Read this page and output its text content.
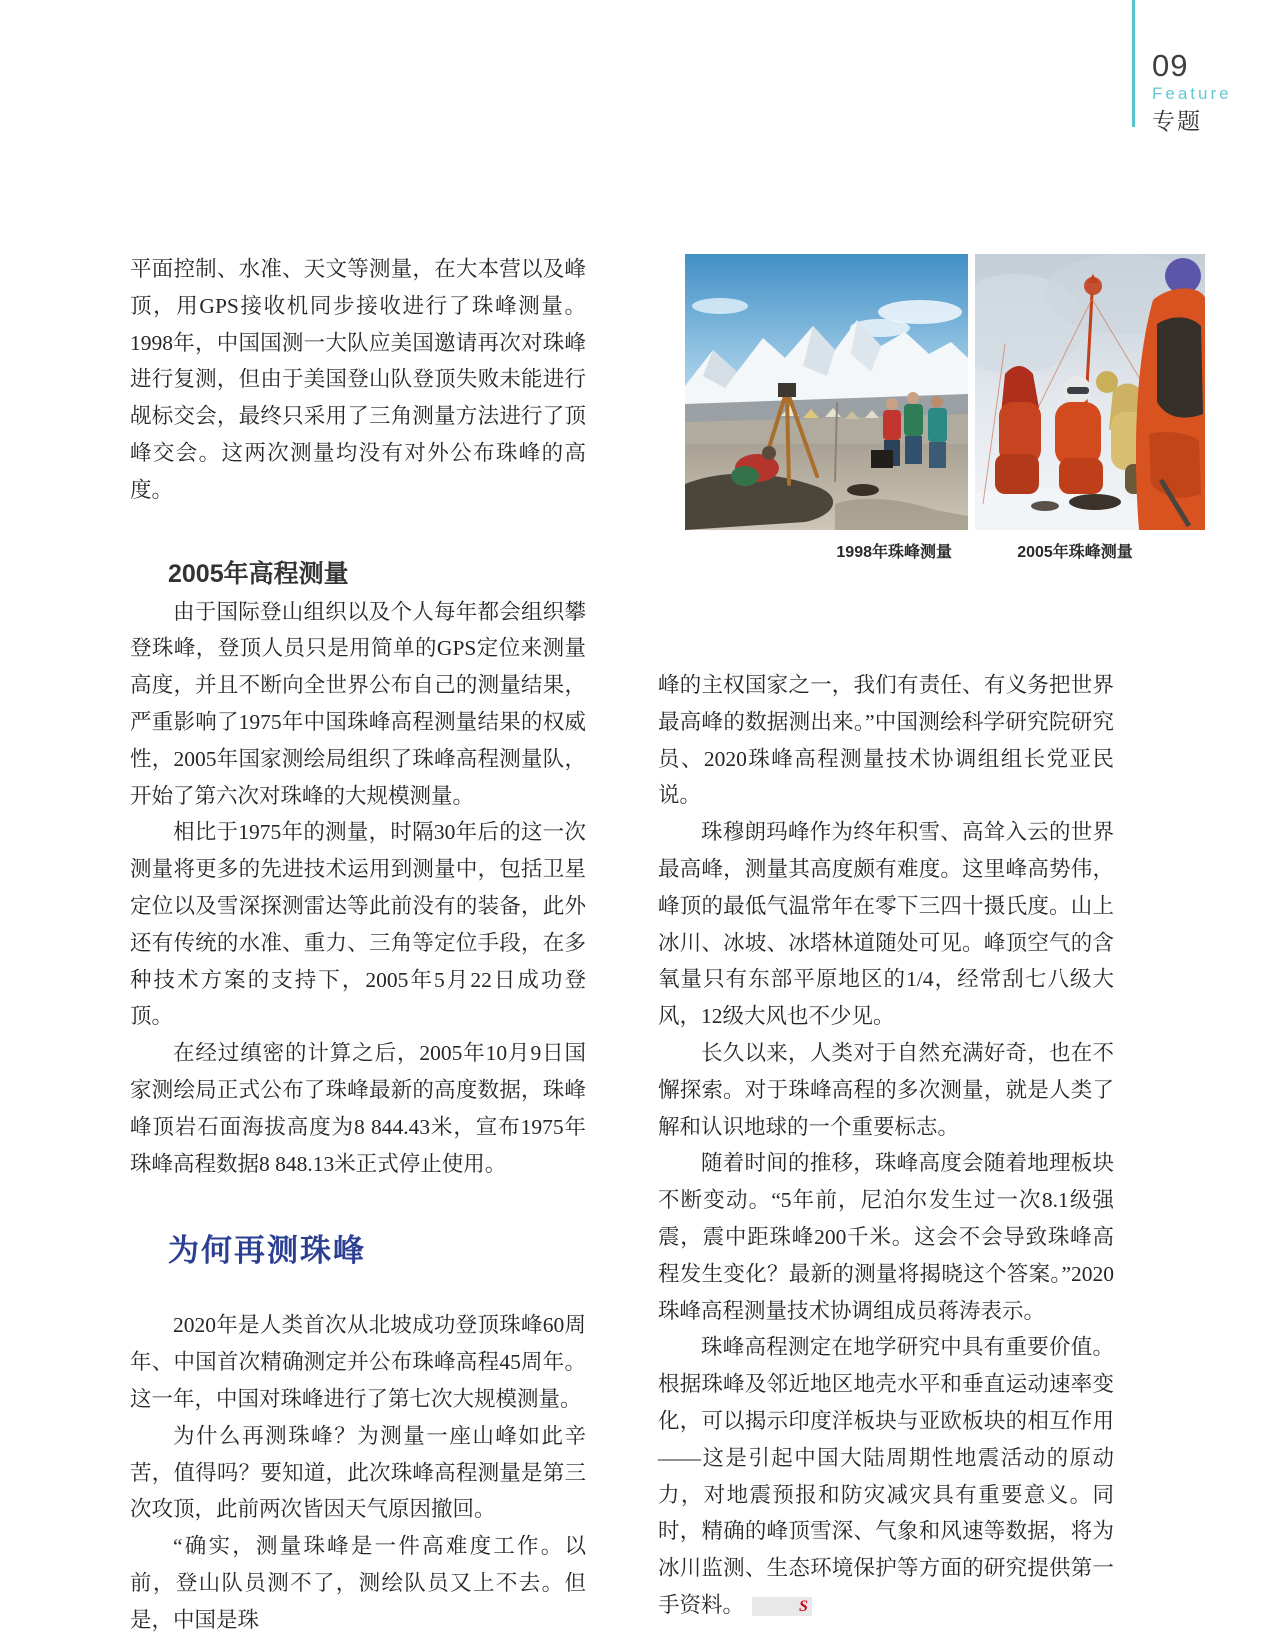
09
Feature
专题
1998年珠峰测量	2005年珠峰测量

平面控制、水准、天文等测量，在大本营以及峰顶，用GPS接收机同步接收进行了珠峰测量。1998年，中国国测一大队应美国邀请再次对珠峰进行复测，但由于美国登山队登顶失败未能进行觇标交会，最终只采用了三角测量方法进行了顶峰交会。这两次测量均没有对外公布珠峰的高度。

2005年高程测量

由于国际登山组织以及个人每年都会组织攀登珠峰，登顶人员只是用简单的GPS定位来测量高度，并且不断向全世界公布自己的测量结果，严重影响了1975年中国珠峰高程测量结果的权威性，2005年国家测绘局组织了珠峰高程测量队，开始了第六次对珠峰的大规模测量。

相比于1975年的测量，时隔30年后的这一次测量将更多的先进技术运用到测量中，包括卫星定位以及雪深探测雷达等此前没有的装备，此外还有传统的水准、重力、三角等定位手段，在多种技术方案的支持下，2005年5月22日成功登顶。

在经过缜密的计算之后，2005年10月9日国家测绘局正式公布了珠峰最新的高度数据，珠峰峰顶岩石面海拔高度为8 844.43米，宣布1975年珠峰高程数据8 848.13米正式停止使用。

为何再测珠峰

2020年是人类首次从北坡成功登顶珠峰60周年、中国首次精确测定并公布珠峰高程45周年。这一年，中国对珠峰进行了第七次大规模测量。

为什么再测珠峰？为测量一座山峰如此辛苦，值得吗？要知道，此次珠峰高程测量是第三次攻顶，此前两次皆因天气原因撤回。

“确实，测量珠峰是一件高难度工作。以前，登山队员测不了，测绘队员又上不去。但是，中国是珠

峰的主权国家之一，我们有责任、有义务把世界最高峰的数据测出来。”中国测绘科学研究院研究员、2020珠峰高程测量技术协调组组长党亚民说。

珠穆朗玛峰作为终年积雪、高耸入云的世界最高峰，测量其高度颇有难度。这里峰高势伟，峰顶的最低气温常年在零下三四十摄氏度。山上冰川、冰坡、冰塔林道随处可见。峰顶空气的含氧量只有东部平原地区的1/4，经常刮七八级大风，12级大风也不少见。

长久以来，人类对于自然充满好奇，也在不懈探索。对于珠峰高程的多次测量，就是人类了解和认识地球的一个重要标志。

随着时间的推移，珠峰高度会随着地理板块不断变动。“5年前，尼泊尔发生过一次8.1级强震，震中距珠峰200千米。这会不会导致珠峰高程发生变化？最新的测量将揭晓这个答案。”2020珠峰高程测量技术协调组成员蒋涛表示。

珠峰高程测定在地学研究中具有重要价值。根据珠峰及邻近地区地壳水平和垂直运动速率变化，可以揭示印度洋板块与亚欧板块的相互作用——这是引起中国大陆周期性地震活动的原动力，对地震预报和防灾减灾具有重要意义。同时，精确的峰顶雪深、气象和风速等数据，将为冰川监测、生态环境保护等方面的研究提供第一手资料。	S
